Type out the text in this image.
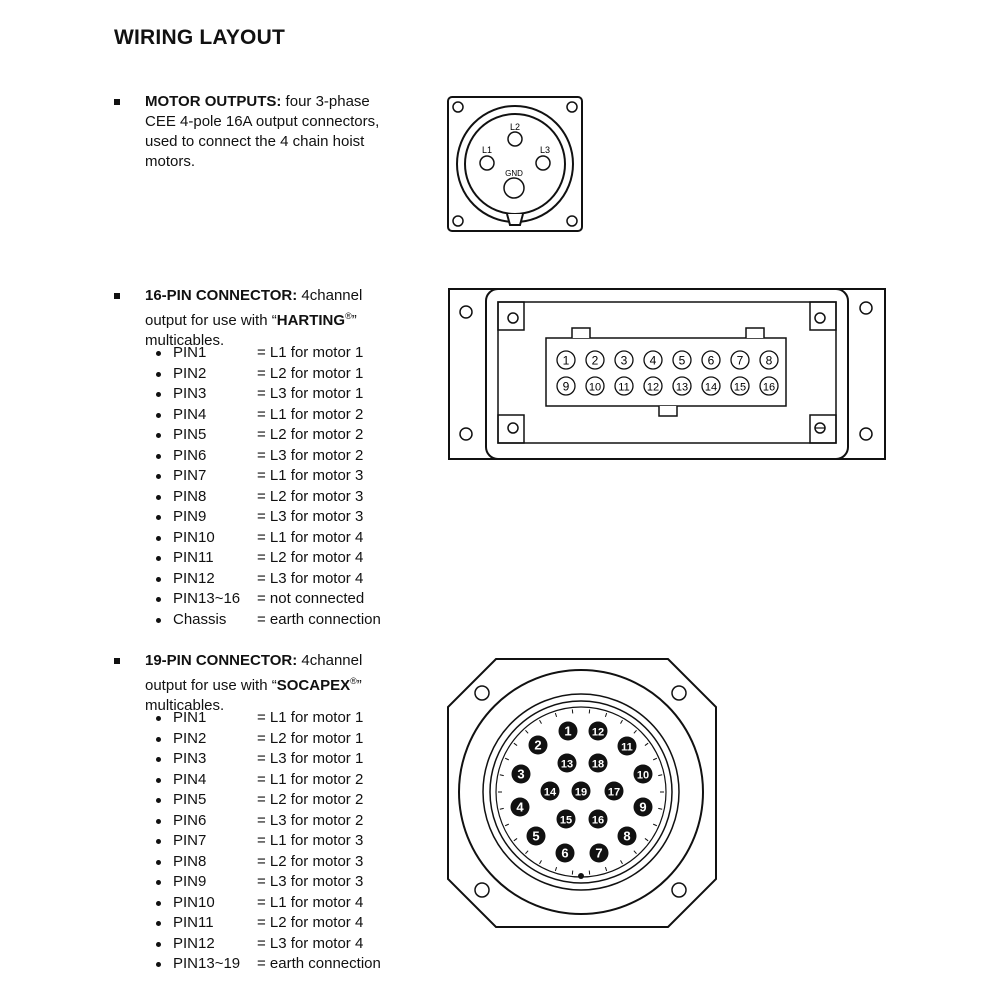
WIRING LAYOUT
MOTOR OUTPUTS: four 3-phase CEE 4-pole 16A output connectors, used to connect the 4 chain hoist motors.
L2
L1	L3
GND
16-PIN CONNECTOR: 4channel output for use with “HARTING®” multicables.
PIN1	= L1 for motor 1
PIN2	= L2 for motor 1
PIN3	= L3 for motor 1
PIN4	= L1 for motor 2
PIN5	= L2 for motor 2
PIN6	= L3 for motor 2
PIN7	= L1 for motor 3
PIN8	= L2 for motor 3
PIN9	= L3 for motor 3
PIN10	= L1 for motor 4
PIN11	= L2 for motor 4
PIN12	= L3 for motor 4
PIN13~16 = not connected
Chassis = earth connection
1 2 3 4 5 6 7 8
9 10 11 12 13 14 15 16
19-PIN CONNECTOR: 4channel output for use with “SOCAPEX®” multicables.
PIN1	= L1 for motor 1
PIN2	= L2 for motor 1
PIN3	= L3 for motor 1
PIN4	= L1 for motor 2
PIN5	= L2 for motor 2
PIN6	= L3 for motor 2
PIN7	= L1 for motor 3
PIN8	= L2 for motor 3
PIN9	= L3 for motor 3
PIN10	= L1 for motor 4
PIN11	= L2 for motor 4
PIN12	= L3 for motor 4
PIN13~19 = earth connection
1
2
3
4
5
6 7
8
9
10
11
12
13
14
15 16
17
18
19
